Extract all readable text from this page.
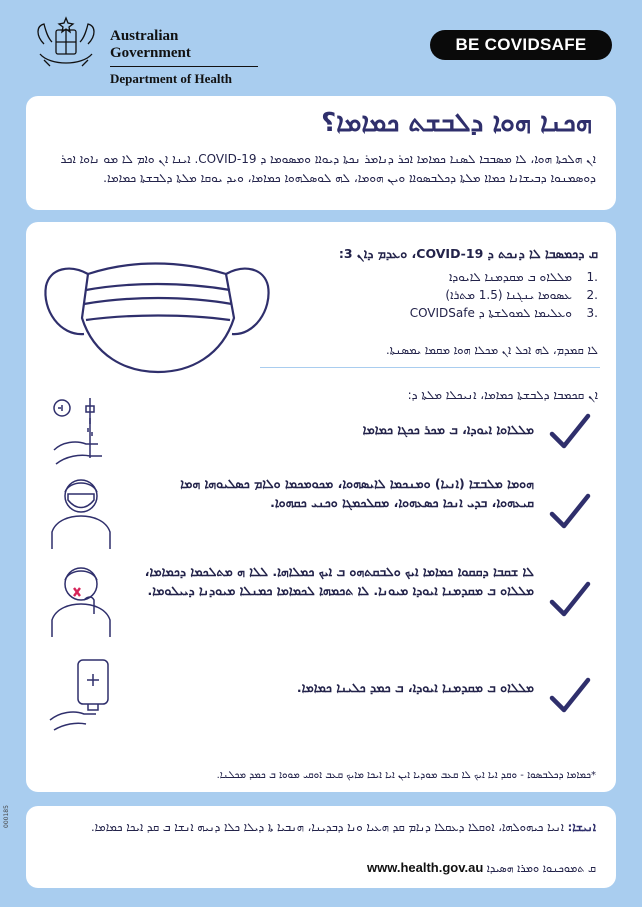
Australian Government
Department of Health
BE COVID SAFE
ܗܟܢܐ ܗܘܐ ܕܠܒܫܬ ܟܡܐܡܐ؟
ܐܢ ܗܠܟܬܐ ܗܘܐ، ܠܐ ܡܣܒܒܐ ܠܣܢܐ ܟܡܐܡܐ ܐܟܪ ܕܢܐܡܪ ܢܟܬܐ ܕܝܘܐܐ ܘܡܣܘܡܐ ܕ COVID-19. ܐܝܢܐ ܐܢ ܘܐܡ ܠܐ ܡܘ ܢܐܘܐ ܐܟܪ ܕܘܣܡܢܘܐ ܕܒܝܫܐܢܐ ܟܡܐܐ ܡܠܬܐ ܕܟܠܒܣܘܐܐ ܘܝܢ ܗܘܡܐ، ܠܗ ܠܘܣܠܗܘܐ ܟܡܐܡܐ، ܘܝܕ ܝܘܩܐ ܡܠܬܐ ܕܠܒܫܬܐ ܟܡܐܡܐ.
ܩ ܕܟܡܣܒܐ ܠܐ ܕܢܟܬ ܕ COVID-19، ܘܥܕܡ ܕܐܢ 3:
1.
ܡܠܠܐܘ ܒ ܡܩܕܡܢܐ ܠܐܝܘܕܐ
2.
ܥܣܘܡܐ ܝܢܓܢܐ (1.5 ܡܬܪܐ)
3.
ܘܥܠܝܡܐ ܠܡܘܠܫܬܐ ܕ COVIDSafe
ܠܐ ܩܡܕܡ، ܠܗ ܐܟܠ ܐܢ ܡܟܠܐ ܗܘܐ ܡܩܡܐ ܝܡܣܢܬܐ.
ܐܢ ܩܟܡܒܐ ܕܠܒܫܬܐ ܟܡܐܡܐ، ܐܢܝܟܠܐ ܡܠܬܐ ܕ:
ܡܠܠܐܘܐ ܐܝܘܕܐ، ܒ ܡܟܪ ܟܟܓܐ ܟܡܐܡܐ
ܗܘܡܐ ܡܠܒܫܐ (ܐܢܝܐ) ܘܡܢܟܡܐ ܠܐܝܣܗܘܐ، ܡܟܘܡܟܡܐ ܘܠܐܡ ܟܣܠܝܘܗܐ ܗܡܐ ܩܝܥܗܘܐ، ܒܕܝ ܐܢܟܐ ܟܣܥܗܘܐ، ܡܩܠܟܡܓܐ ܘܟܢܝ ܟܩܗܘܐ.
ܠܐ ܫܩܒܐ ܕܩܩܘܐ ܟܡܐܡܐ ܐܝܟ ܘܠܒܩܬܗܘ ܒ ܐܝܟ ܟܡܠܐܗܐ. ܠܠܐ ܗ ܡܬܠܟܡܐ ܕܟܡܐܡܐ، ܡܠܠܐܘ ܒ ܡܩܕܡܢܐ ܐܝܘܕܐ ܡܝܘܢܐ. ܠܐ ܬܟܡܗܐ ܠܟܡܐܡܐ ܟܡܢܠܐ ܡܝܘܕܢܐ ܕܝܝܠܘܡܐ.
ܡܠܠܐܘ ܒ ܡܩܕܡܢܐ ܐܝܘܕܐ، ܒ ܟܡܕ ܟܠܝܢܐ ܟܡܐܡܐ.
*ܟܡܐܡܐ ܕܟܠܒܣܘܐ - ܘܩܕ ܐܝܐ ܐܝܟ ܠܐ ܩܥܒ ܡܘܕܝܐ ܐܝܢ ܐܝܐ ܐܝܟܐ ܡܐܝܟ ܩܥܒ ܐܘܩܝ ܡܘܘܐ ܒ ܟܡܕ ܡܟܠܢܐ.
ܐܢܝܫܐ: ܐܢܝܐ ܟܝܗܘܠܗܐ، ܐܘܩܠܐ ܕܥܩܠܐ ܕܢܐܡ ܩܕ ܗܥܝܐ ܘܢܐ ܕܒܕܝܢܐ، ܗܢܒܝܐ ܬܐ ܕܝܠܐ ܟܠܐ ܕܢܝܗ ܐܢܫܐ ܒ ܩܕ ܐܝܟܐ ܟܡܐܡܐ.
ܩ ܬܡܘܟܢܘܐ ܘܡܪܐ ܗܣܝܕܐ www.health.gov.au
000185
